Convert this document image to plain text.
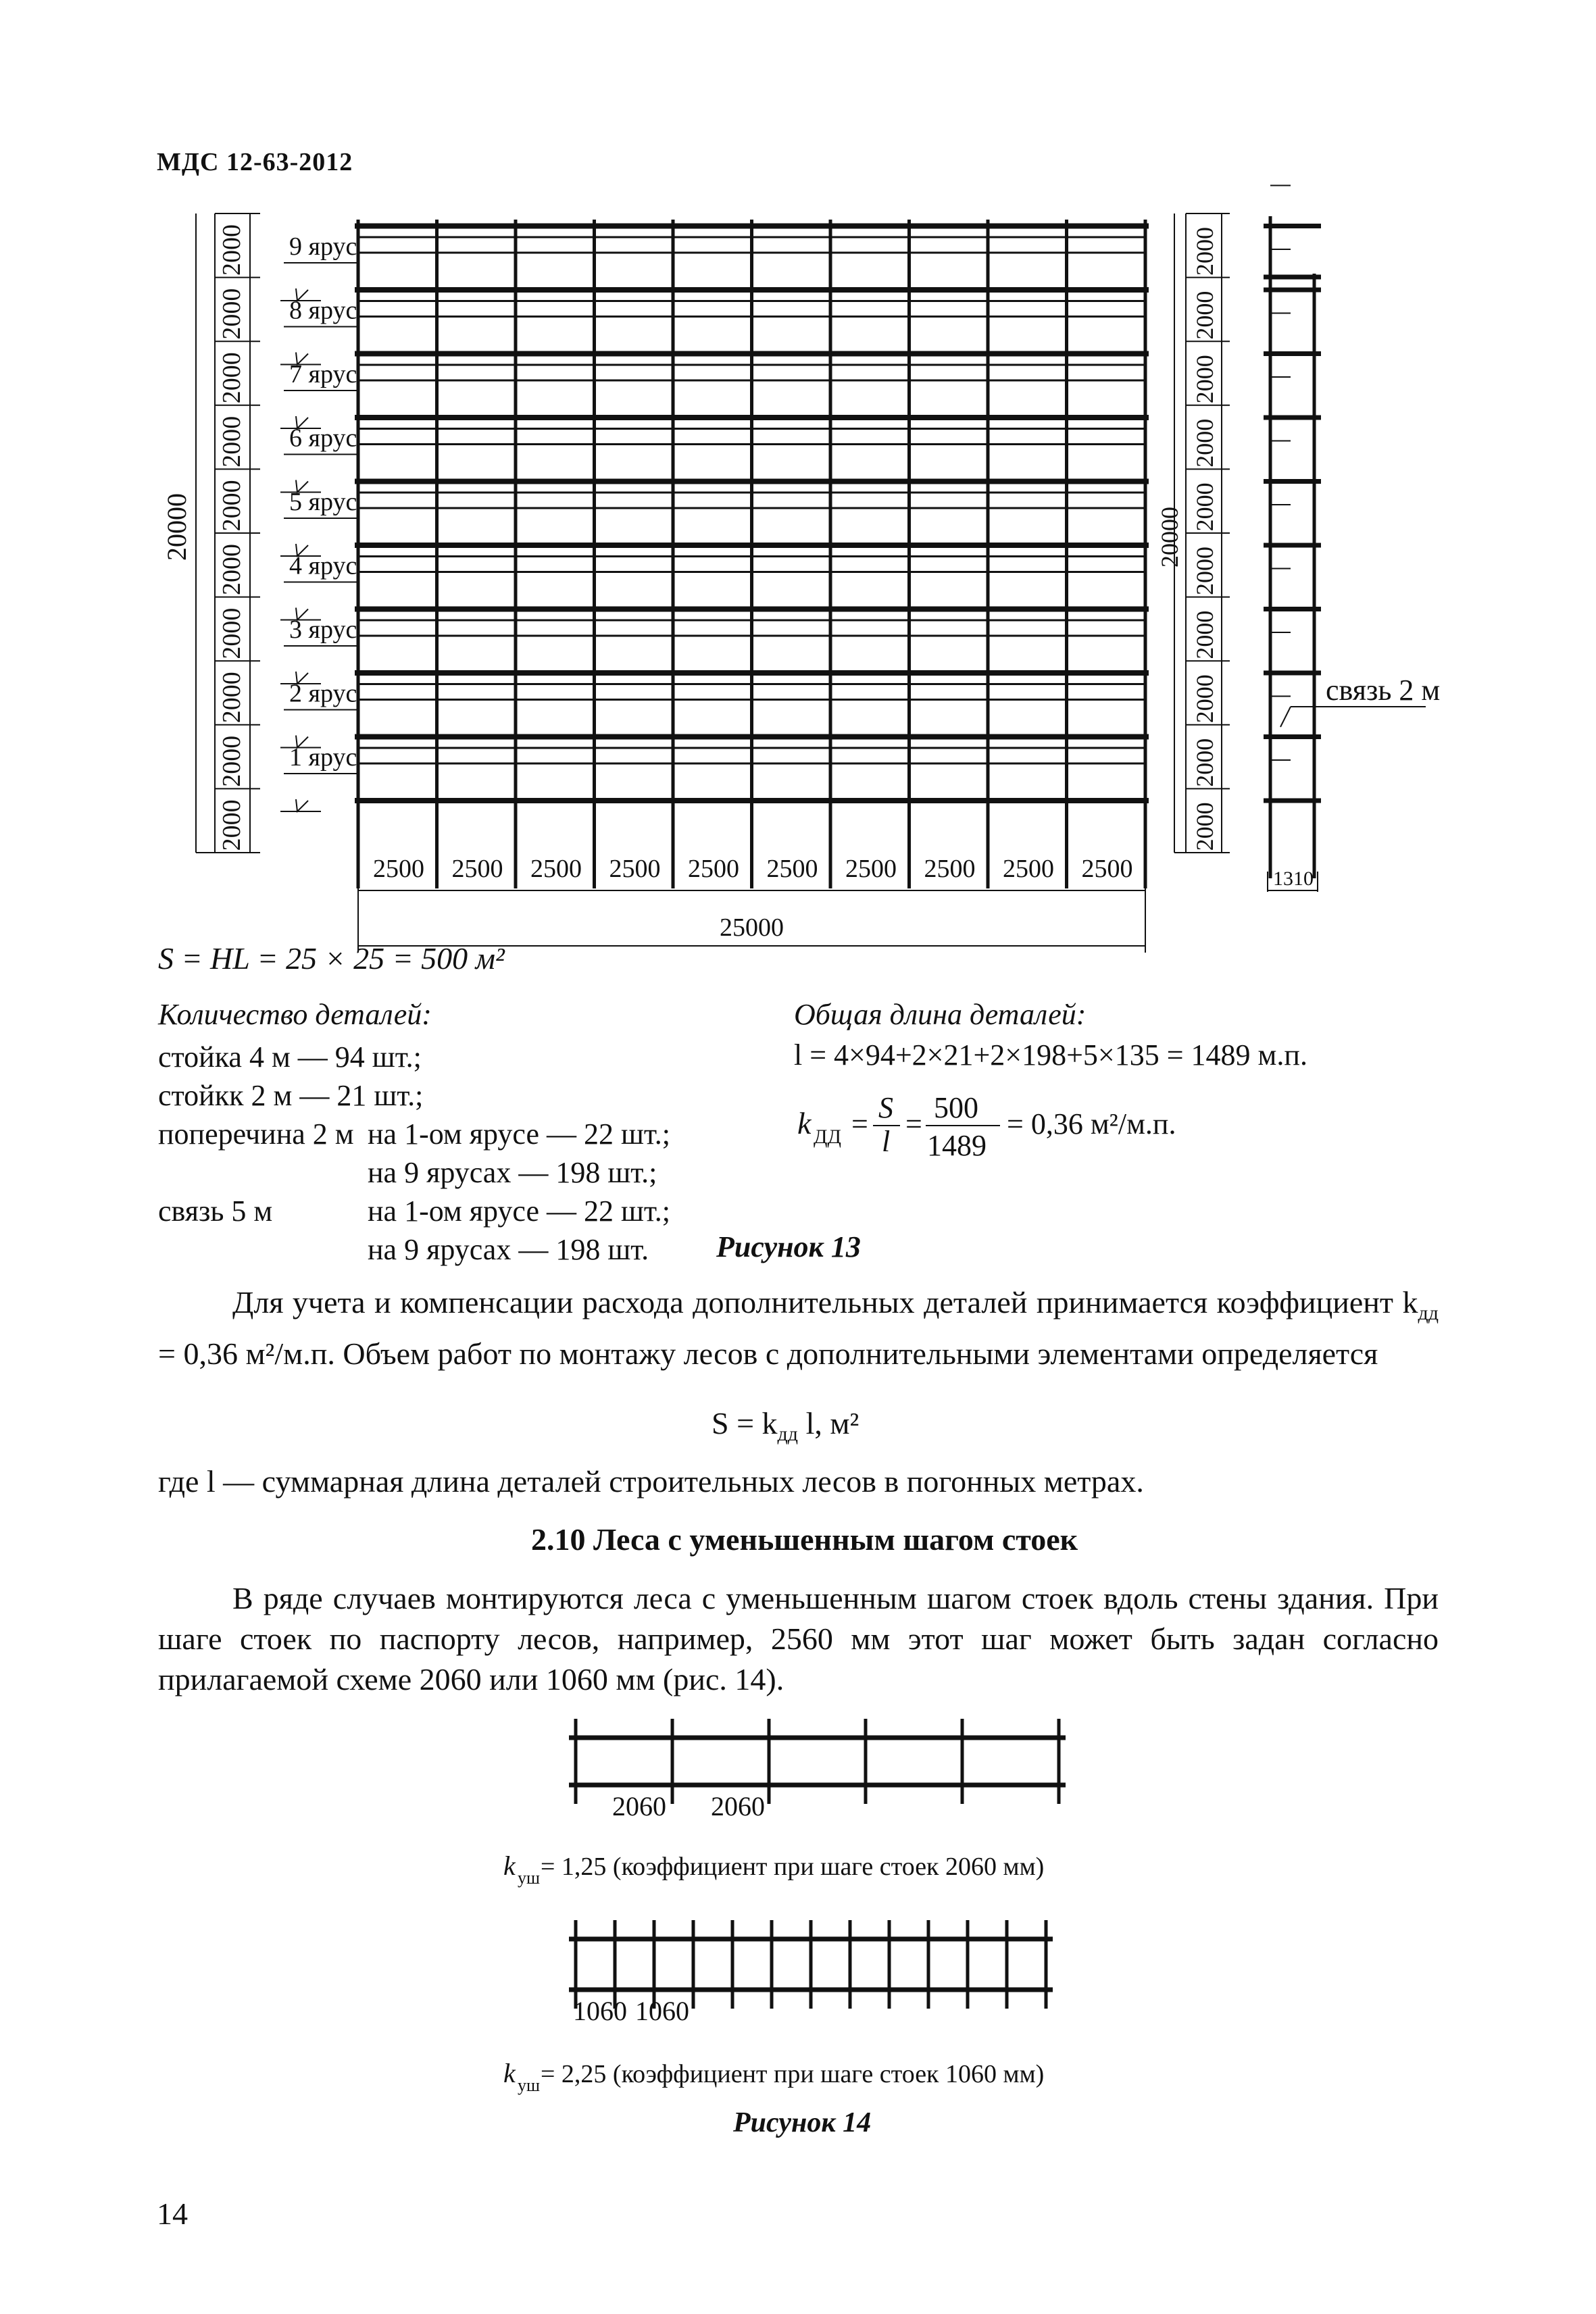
МДС 12-63-2012
2000
2000
2000
2000
2000
2000
2000
2000
2000
2000
20000
2000
2000
2000
2000
2000
2000
2000
2000
2000
2000
20000
1 ярус
2 ярус
3 ярус
4 ярус
5 ярус
6 ярус
7 ярус
8 ярус
9 ярус
2500 2500 2500 2500 2500 2500 2500 2500 2500 2500
25000
1310
связь 2 м
S = HL = 25 × 25 = 500 м²
Количество деталей:
стойка 4 м — 94 шт.;
стойкк 2 м — 21 шт.;
поперечина 2 м на 1-ом ярусе — 22 шт.;
на 9 ярусах — 198 шт.;
связь 5 м	на 1-ом ярусе — 22 шт.;
на 9 ярусах — 198 шт.
Общая длина деталей:
l = 4×94+2×21+2×198+5×135 = 1489 м.п.
k ДД = S
l
= 500
1489
= 0,36 м²/м.п.
Рисунок 13
Для учета и компенсации расхода дополнительных деталей принимается коэффициент $k_{дд} = 0,36$ м²/м.п. Объем работ по монтажу лесов с дополнительными элементами определяется
$S = k_{дд}$ l, м²
где l — суммарная длина деталей строительных лесов в погонных метрах.
2.10 Леса с уменьшенным шагом стоек
В ряде случаев монтируются леса с уменьшенным шагом стоек вдоль стены здания. При шаге стоек по паспорту лесов, например, 2560 мм этот шаг может быть задан согласно прилагаемой схеме 2060 или 1060 мм (рис. 14).
2060 2060
k уш = 1,25 (коэффициент при шаге стоек 2060 мм)
1060 1060
k уш = 2,25 (коэффициент при шаге стоек 1060 мм)
Рисунок 14
14
